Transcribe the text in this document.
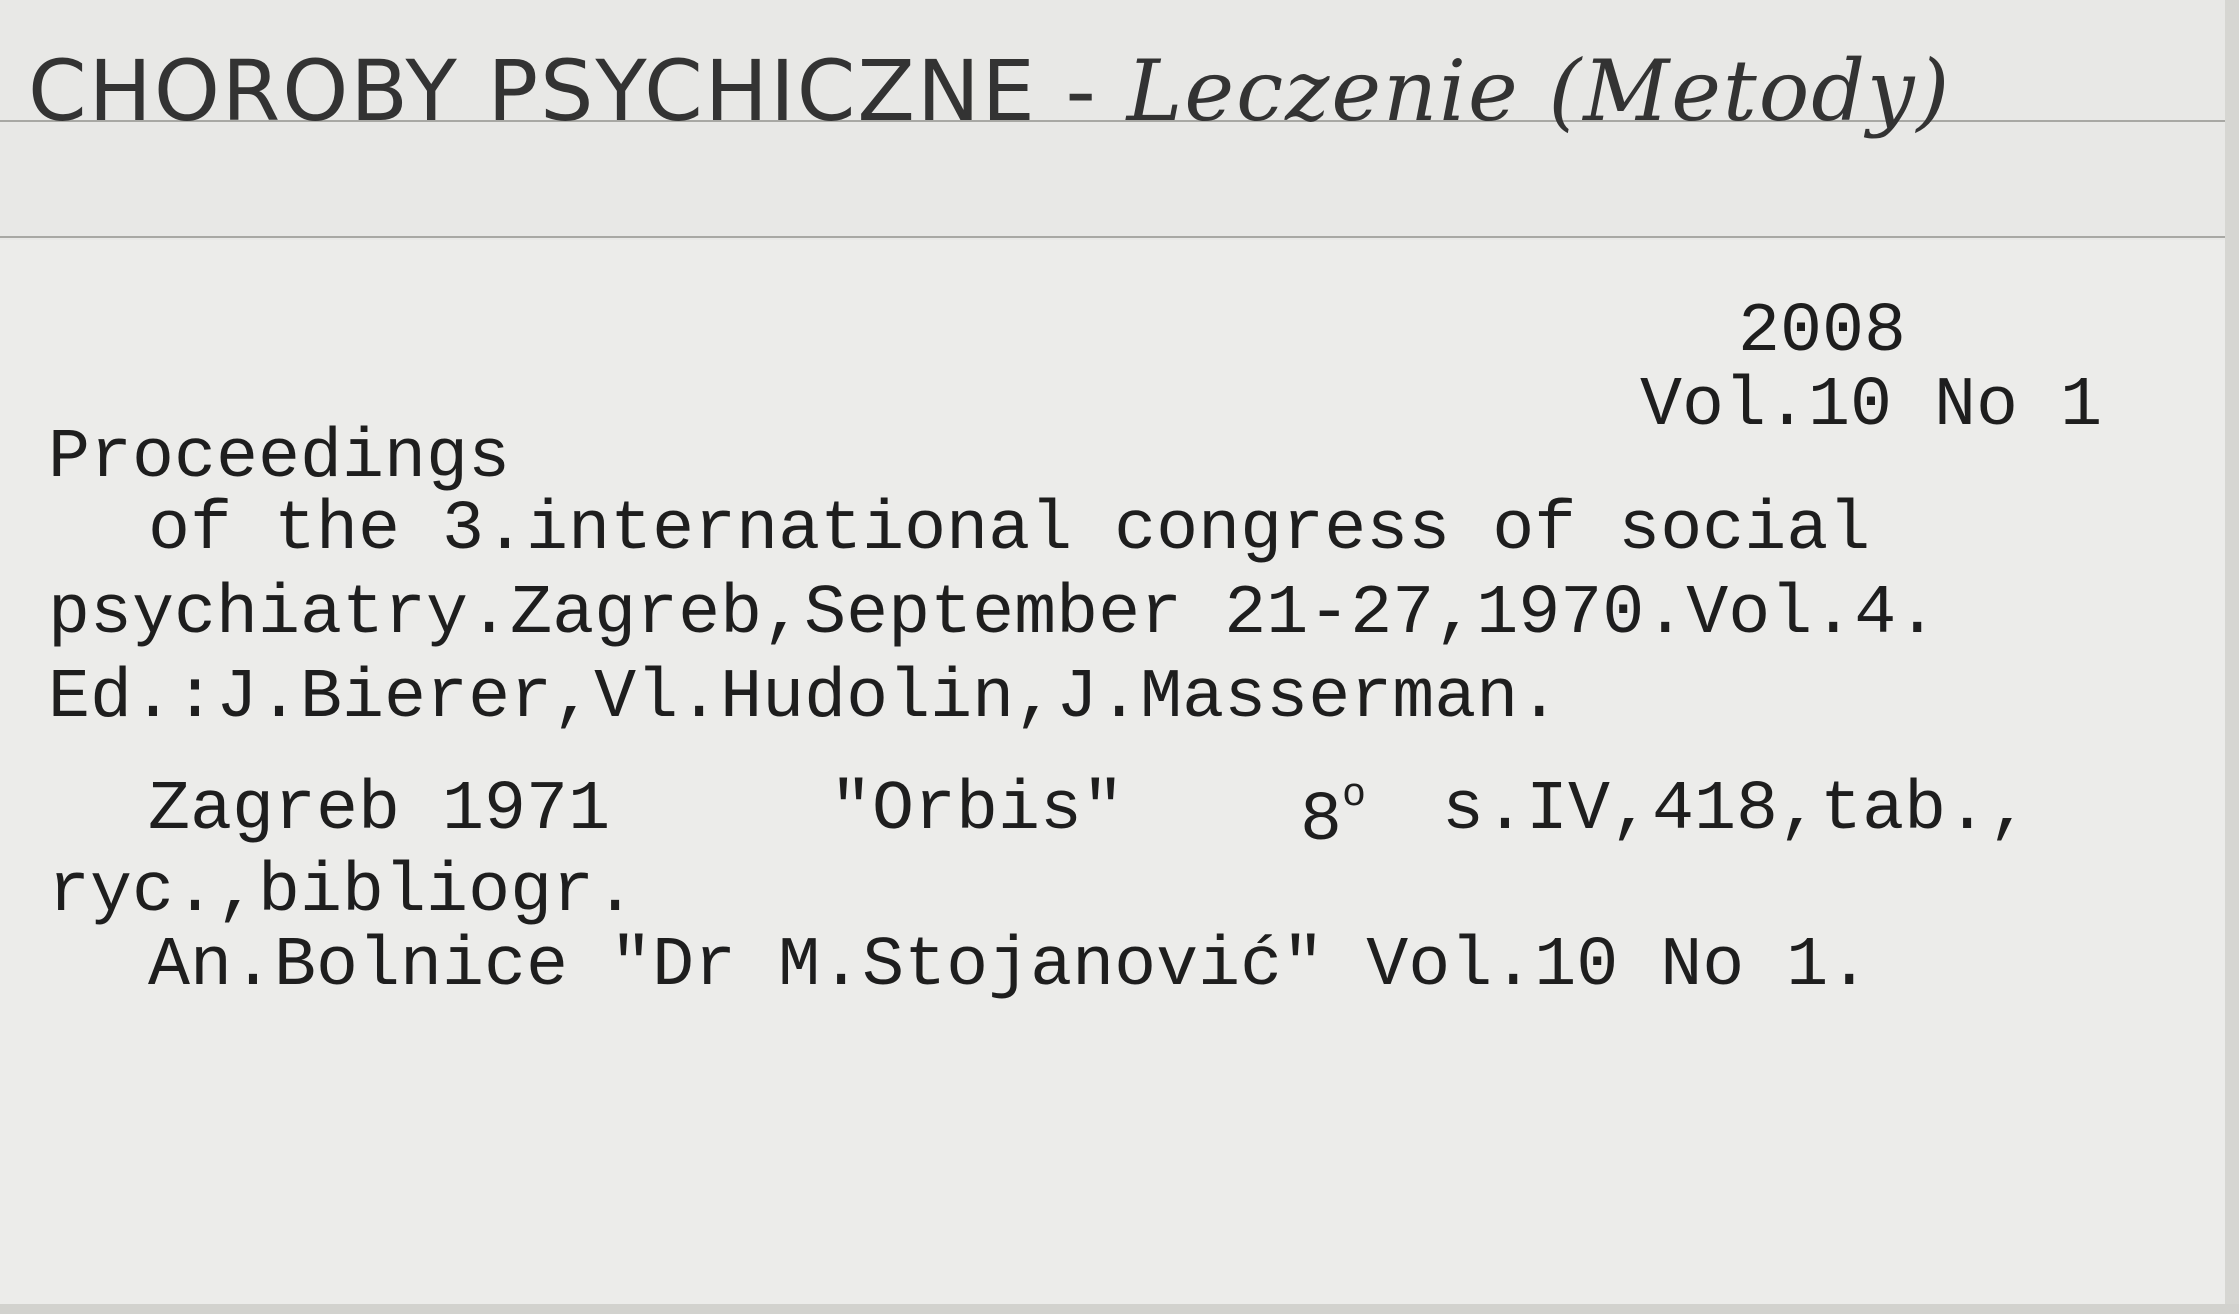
CHOROBY PSYCHICZNE - Leczenie (Metody)
2008
Vol.10 No 1
Proceedings
of the 3.international congress of social
psychiatry.Zagreb,September 21-27,1970.Vol.4.
Ed.:J.Bierer,Vl.Hudolin,J.Masserman.
Zagreb 1971	"Orbis"	8$^o$ s.IV,418,tab.,
ryc.,bibliogr.
An.Bolnice "Dr M.Stojanović" Vol.10 No 1.
